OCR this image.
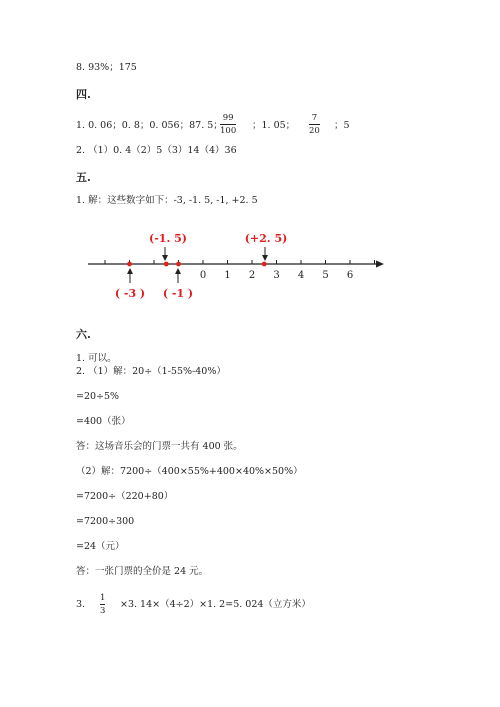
8. 93%；175
四.
1. 0. 06；0. 8；0. 056；87. 5；
99
100 ；1. 05；
7
20 ；5
2. （1）0. 4（2）5（3）14（4）36
五.
1. 解：这些数字如下：-3, -1. 5, -1, +2. 5
0 1 2 3 4 5 6
(-1. 5)	(+2. 5)
( -3 ) ( -1 )
六.
1. 可以。
2. （1）解：20÷（1-55%-40%）
=20÷5%
=400（张）
答：这场音乐会的门票一共有 400 张。
（2）解：7200÷（400×55%+400×40%×50%）
=7200÷（220+80）
=7200÷300
=24（元）
答：一张门票的全价是 24 元。
3.
1
3
×3. 14×（4÷2）×1. 2=5. 024（立方米）
